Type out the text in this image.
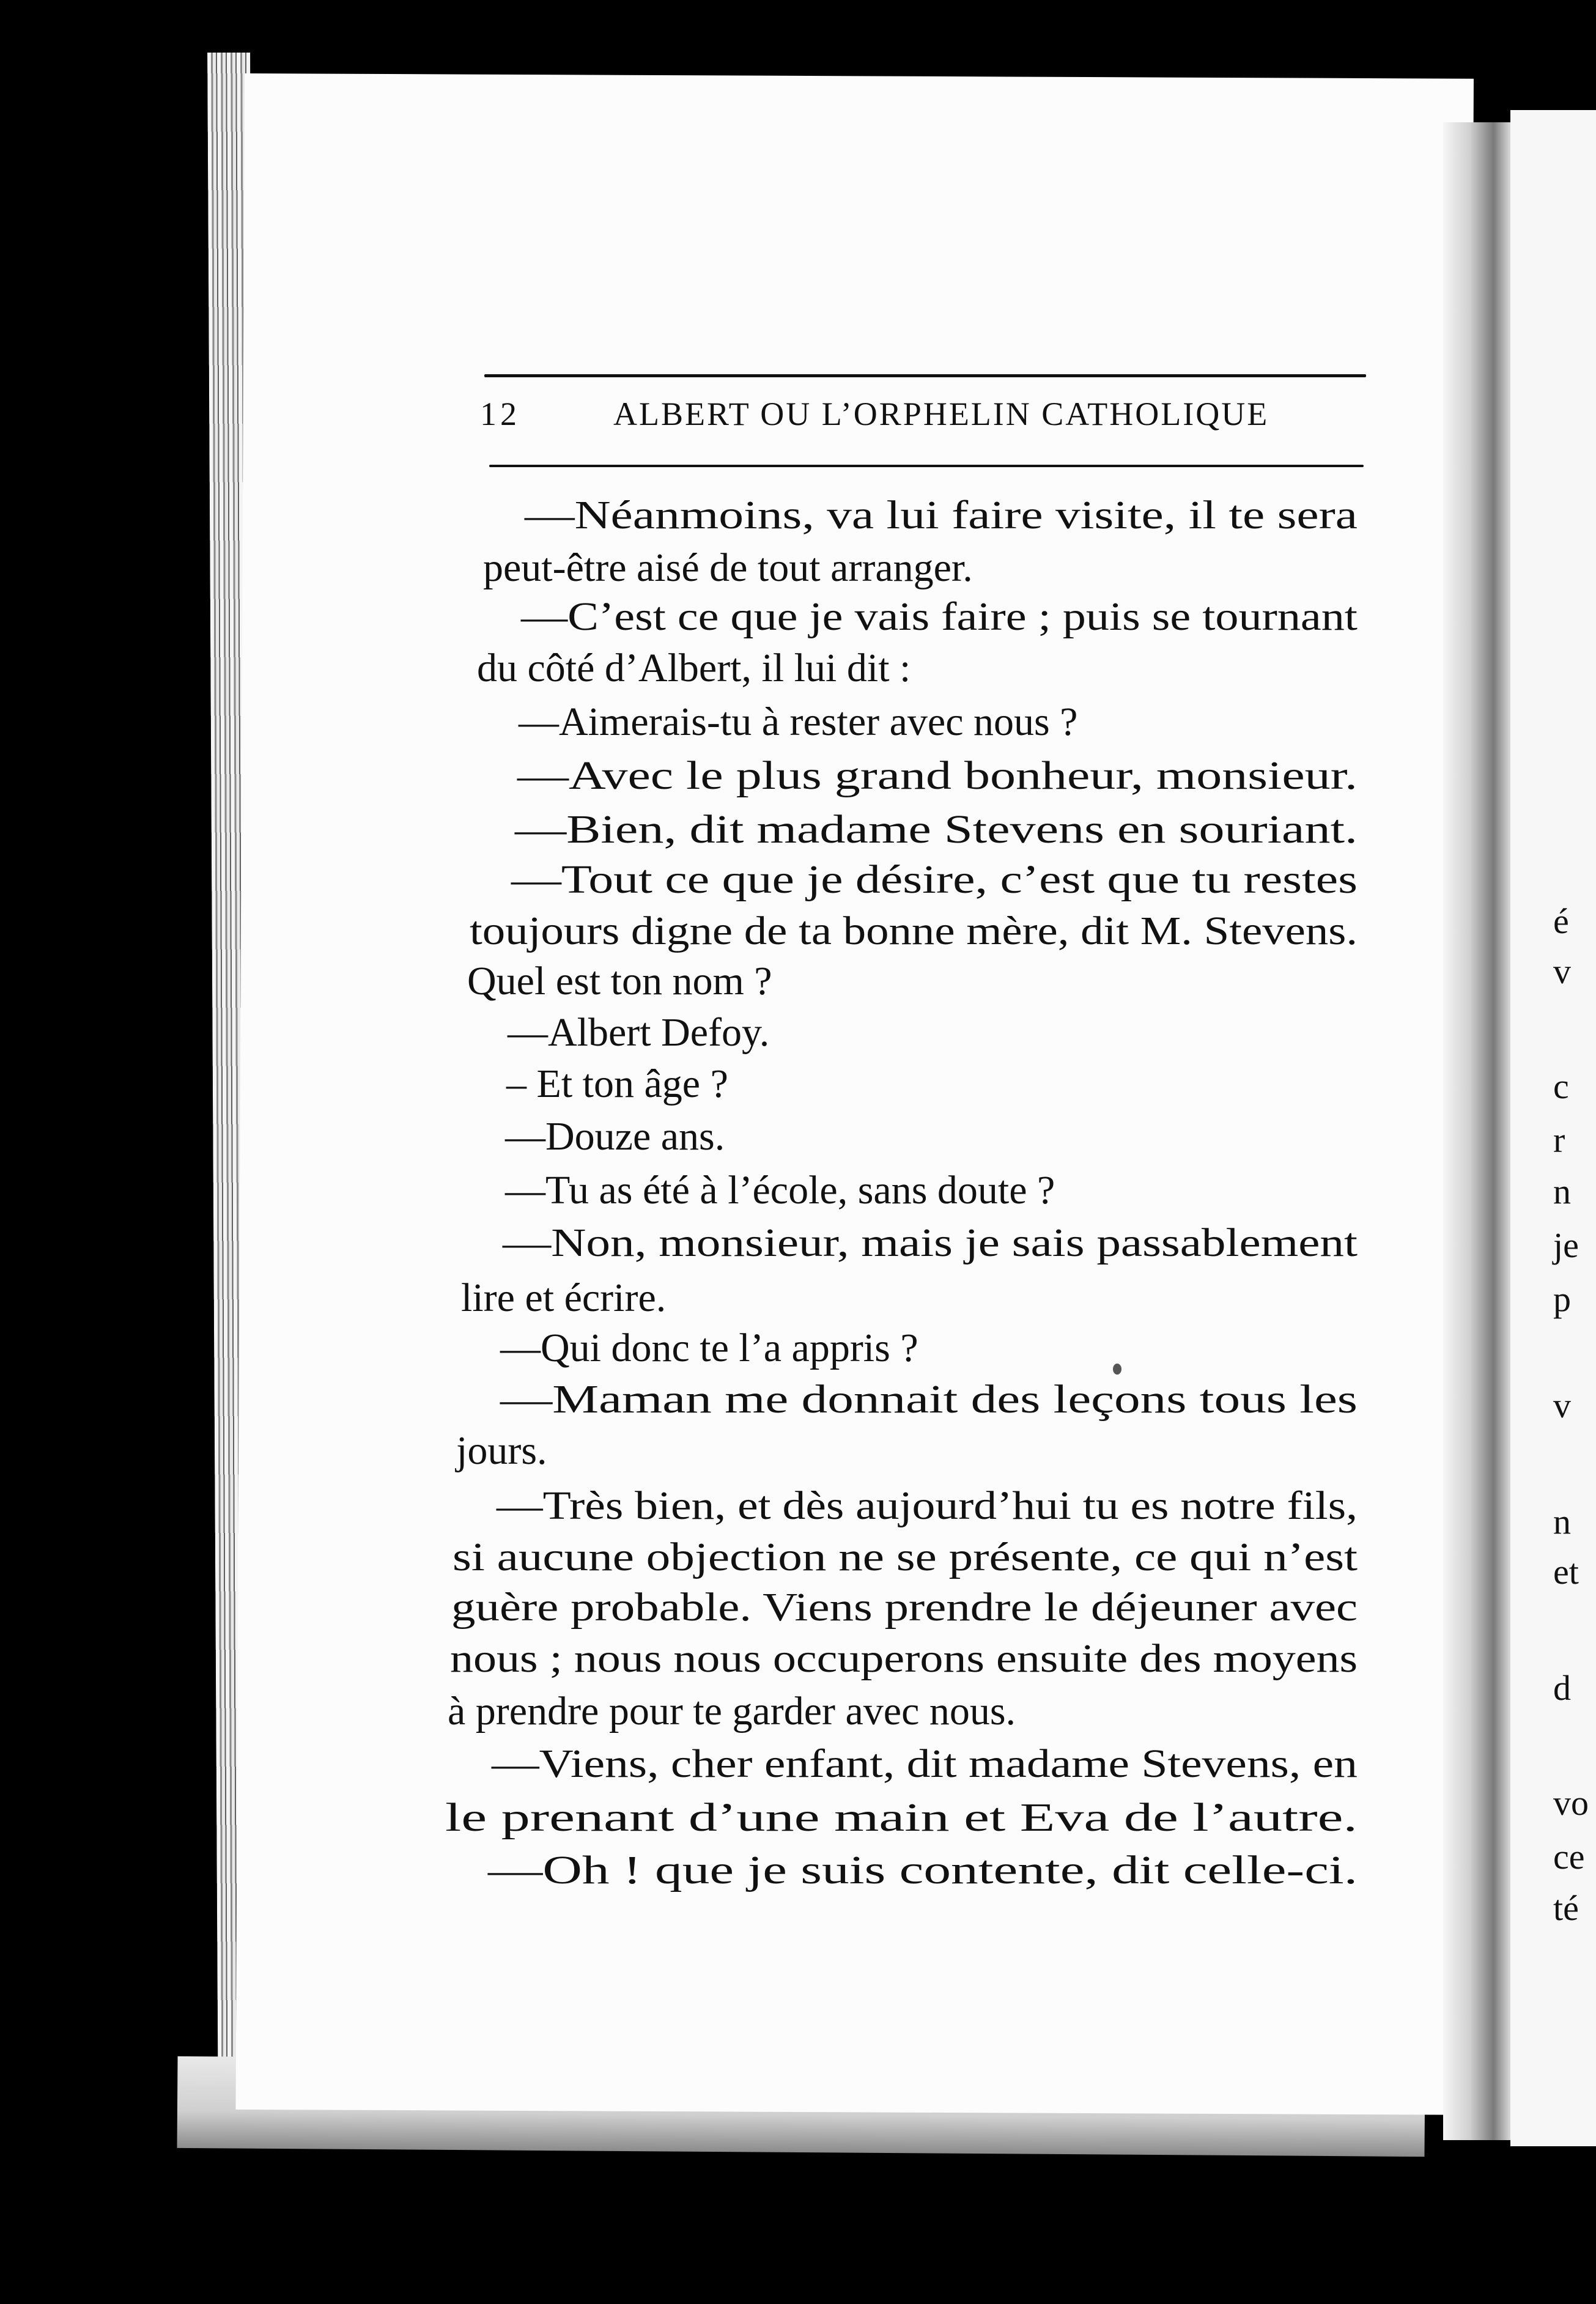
é
v
c
r
n
je
p
v
n
et
d
vo
ce
té
12	ALBERT OU L’ORPHELIN CATHOLIQUE
—Néanmoins, va lui faire visite, il te sera
peut-être aisé de tout arranger.
—C’est ce que je vais faire ; puis se tournant
du côté d’Albert, il lui dit :
—Aimerais-tu à rester avec nous ?
—Avec le plus grand bonheur, monsieur.
—Bien, dit madame Stevens en souriant.
—Tout ce que je désire, c’est que tu restes
toujours digne de ta bonne mère, dit M. Stevens.
Quel est ton nom ?
—Albert Defoy.
– Et ton âge ?
—Douze ans.
—Tu as été à l’école, sans doute ?
—Non, monsieur, mais je sais passablement
lire et écrire.
—Qui donc te l’a appris ?
—Maman me donnait des leçons tous les
jours.
—Très bien, et dès aujourd’hui tu es notre fils,
si aucune objection ne se présente, ce qui n’est
guère probable. Viens prendre le déjeuner avec
nous ; nous nous occuperons ensuite des moyens
à prendre pour te garder avec nous.
—Viens, cher enfant, dit madame Stevens, en
le prenant d’une main et Eva de l’autre.
—Oh ! que je suis contente, dit celle-ci.
